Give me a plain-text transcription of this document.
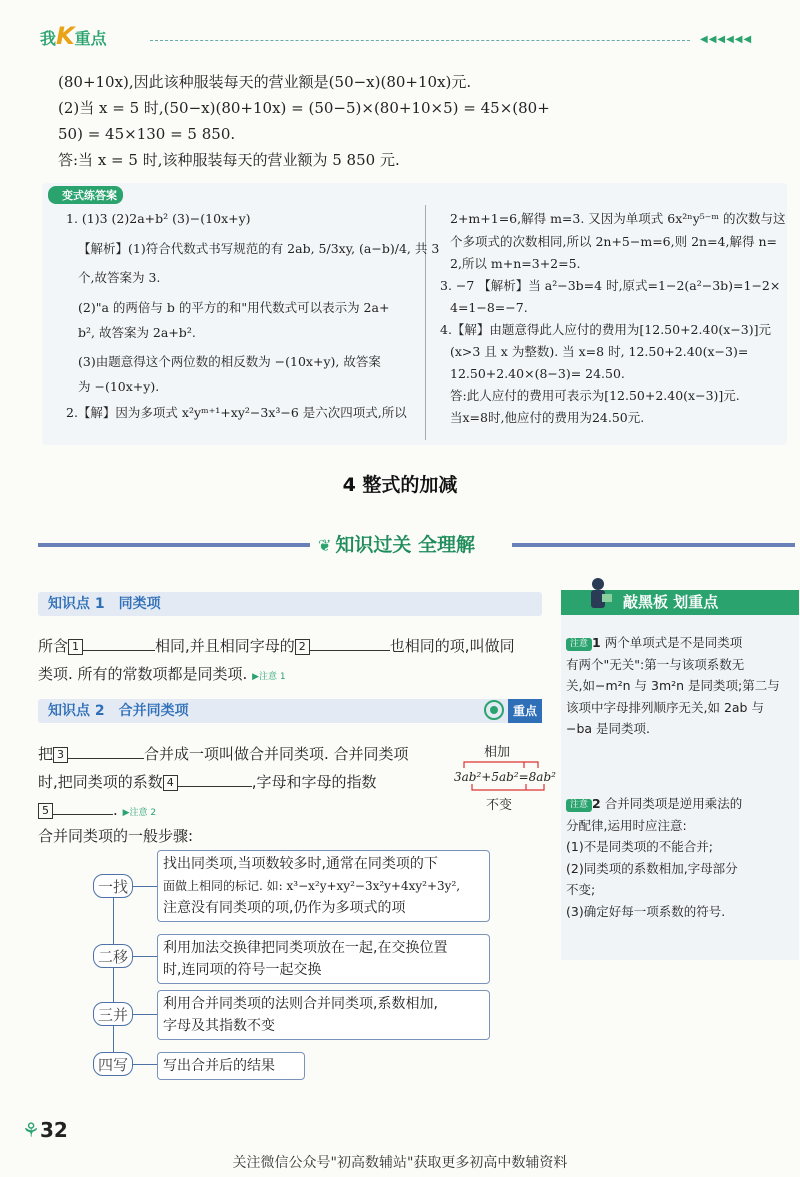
我K重点	◀◀◀◀◀◀
(80+10x),因此该种服装每天的营业额是(50−x)(80+10x)元.
(2)当 x = 5 时,(50−x)(80+10x) = (50−5)×(80+10×5) = 45×(80+
50) = 45×130 = 5 850.
答:当 x = 5 时,该种服装每天的营业额为 5 850 元.
变式练答案
1. (1)3 (2)2a+b² (3)−(10x+y)
【解析】(1)符合代数式书写规范的有 2ab, 5/3xy, (a−b)/4, 共 3
个,故答案为 3.
(2)"a 的两倍与 b 的平方的和"用代数式可以表示为 2a+
b², 故答案为 2a+b².
(3)由题意得这个两位数的相反数为 −(10x+y), 故答案
为 −(10x+y).
2.【解】因为多项式 x²yᵐ⁺¹+xy²−3x³−6 是六次四项式,所以
2+m+1=6,解得 m=3. 又因为单项式 6x²ⁿy⁵⁻ᵐ 的次数与这
个多项式的次数相同,所以 2n+5−m=6,则 2n=4,解得 n=
2,所以 m+n=3+2=5.
3. −7 【解析】当 a²−3b=4 时,原式=1−2(a²−3b)=1−2×
4=1−8=−7.
4.【解】由题意得此人应付的费用为[12.50+2.40(x−3)]元
(x>3 且 x 为整数). 当 x=8 时, 12.50+2.40(x−3)=
12.50+2.40×(8−3)= 24.50.
答:此人应付的费用可表示为[12.50+2.40(x−3)]元.
当x=8时,他应付的费用为24.50元.
4 整式的加减
❦ 知识过关 全理解
知识点 1 同类项
所含 1	相同,并且相同字母的 2	也相同的项,叫做同
类项. 所有的常数项都是同类项. ▶注意 1
知识点 2 合并同类项	重点
把 3	合并成一项叫做合并同类项. 合并同类项
时,把同类项的系数 4	,字母和字母的指数
5	. ▶注意 2
相加
3ab²+5ab²=8ab²
不变
合并同类项的一般步骤:
一找
找出同类项,当项数较多时,通常在同类项的下
面做上相同的标记. 如: x³−x²y+xy²−3x²y+4xy²+3y²,
注意没有同类项的项,仍作为多项式的项
二移	利用加法交换律把同类项放在一起,在交换位置
时,连同项的符号一起交换
三并
利用合并同类项的法则合并同类项,系数相加,
字母及其指数不变
四写	写出合并后的结果
敲黑板 划重点
注意 1 两个单项式是不是同类项
有两个"无关":第一与该项系数无
关,如−m²n 与 3m²n 是同类项;第二与
该项中字母排列顺序无关,如 2ab 与
−ba 是同类项.
注意 2 合并同类项是逆用乘法的
分配律,运用时应注意:
(1)不是同类项的不能合并;
(2)同类项的系数相加,字母部分
不变;
(3)确定好每一项系数的符号.
⚘32
关注微信公众号"初高数辅站"获取更多初高中数辅资料
